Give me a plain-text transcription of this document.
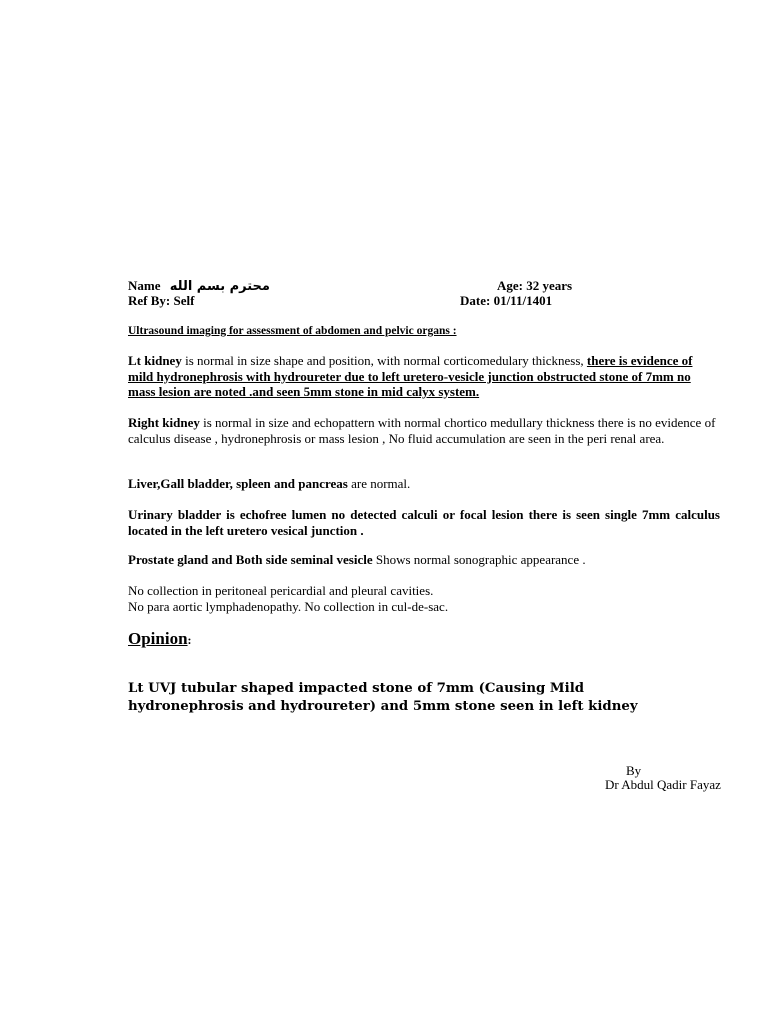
Name محترم بسم الله	Age: 32 years
Ref By: Self	Date: 01/11/1401
Ultrasound imaging for assessment of abdomen and pelvic organs :

Lt kidney is normal in size shape and position, with normal corticomedulary thickness, there is evidence of mild hydronephrosis with hydroureter due to left uretero-vesicle junction obstructed stone of 7mm no mass lesion are noted .and seen 5mm stone in mid calyx system.

Right kidney is normal in size and echopattern with normal chortico medullary thickness there is no evidence of calculus disease , hydronephrosis or mass lesion , No fluid accumulation are seen in the peri renal area.

Liver,Gall bladder, spleen and pancreas are normal.

Urinary bladder is echofree lumen no detected calculi or focal lesion there is seen single 7mm calculus located in the left uretero vesical junction .

Prostate gland and Both side seminal vesicle Shows normal sonographic appearance .

No collection in peritoneal pericardial and pleural cavities.

No para aortic lymphadenopathy. No collection in cul-de-sac.

Opinion:
Lt UVJ tubular shaped impacted stone of 7mm (Causing Mild hydronephrosis and hydroureter) and 5mm stone seen in left kidney
By
Dr Abdul Qadir Fayaz
